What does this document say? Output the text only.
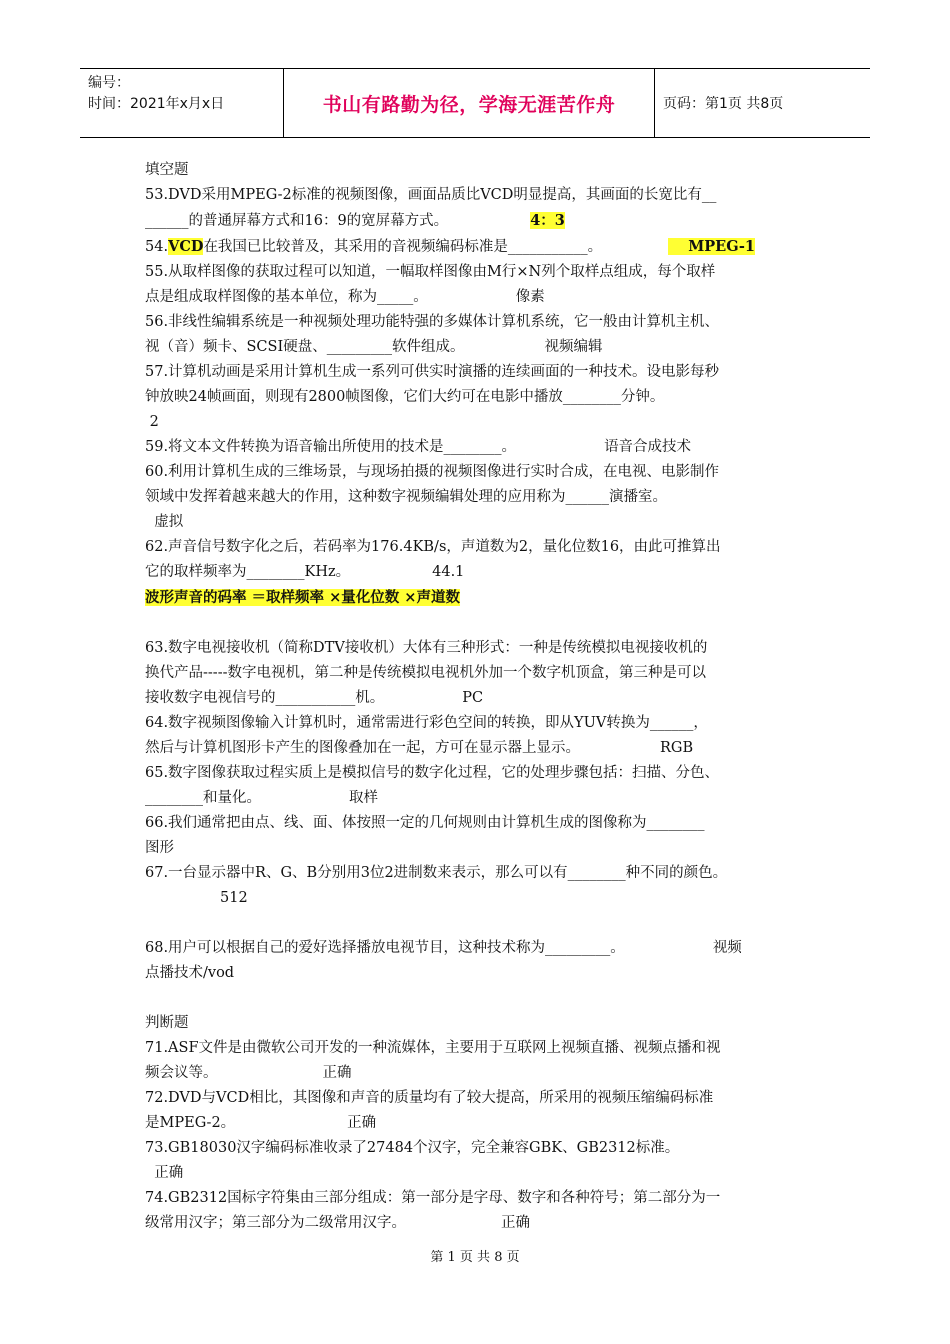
编号：
时间：2021年x月x日	书山有路勤为径，学海无涯苦作舟	页码：第1页 共8页
填空题
53.DVD采用MPEG-2标准的视频图像，画面品质比VCD明显提高，其画面的长宽比有__
______的普通屏幕方式和16：9的宽屏幕方式。	4：3
54.VCD在我国已比较普及，其采用的音视频编码标准是___________。	MPEG-1
55.从取样图像的获取过程可以知道，一幅取样图像由M行×N列个取样点组成，每个取样
点是组成取样图像的基本单位，称为_____。	像素
56.非线性编辑系统是一种视频处理功能特强的多媒体计算机系统，它一般由计算机主机、
视（音）频卡、SCSI硬盘、_________软件组成。	视频编辑
57.计算机动画是采用计算机生成一系列可供实时演播的连续画面的一种技术。设电影每秒
钟放映24帧画面，则现有2800帧图像，它们大约可在电影中播放________分钟。
2
59.将文本文件转换为语音输出所使用的技术是________。	语音合成技术
60.利用计算机生成的三维场景，与现场拍摄的视频图像进行实时合成，在电视、电影制作
领域中发挥着越来越大的作用，这种数字视频编辑处理的应用称为______演播室。
虚拟
62.声音信号数字化之后，若码率为176.4KB/s，声道数为2，量化位数16，由此可推算出
它的取样频率为________KHz。	44.1
波形声音的码率 ＝取样频率 ×量化位数 ×声道数
63.数字电视接收机（简称DTV接收机）大体有三种形式：一种是传统模拟电视接收机的
换代产品-----数字电视机，第二种是传统模拟电视机外加一个数字机顶盒，第三种是可以
接收数字电视信号的___________机。	PC
64.数字视频图像输入计算机时，通常需进行彩色空间的转换，即从YUV转换为______，
然后与计算机图形卡产生的图像叠加在一起，方可在显示器上显示。	RGB
65.数字图像获取过程实质上是模拟信号的数字化过程，它的处理步骤包括：扫描、分色、
________和量化。	取样
66.我们通常把由点、线、面、体按照一定的几何规则由计算机生成的图像称为________
图形
67.一台显示器中R、G、B分别用3位2进制数来表示，那么可以有________种不同的颜色。
512
68.用户可以根据自己的爱好选择播放电视节目，这种技术称为_________。	视频
点播技术/vod
判断题
71.ASF文件是由微软公司开发的一种流媒体，主要用于互联网上视频直播、视频点播和视
频会议等。	正确
72.DVD与VCD相比，其图像和声音的质量均有了较大提高，所采用的视频压缩编码标准
是MPEG-2。	正确
73.GB18030汉字编码标准收录了27484个汉字，完全兼容GBK、GB2312标准。
正确
74.GB2312国标字符集由三部分组成：第一部分是字母、数字和各种符号；第二部分为一
级常用汉字；第三部分为二级常用汉字。	正确
第 1 页 共 8 页
